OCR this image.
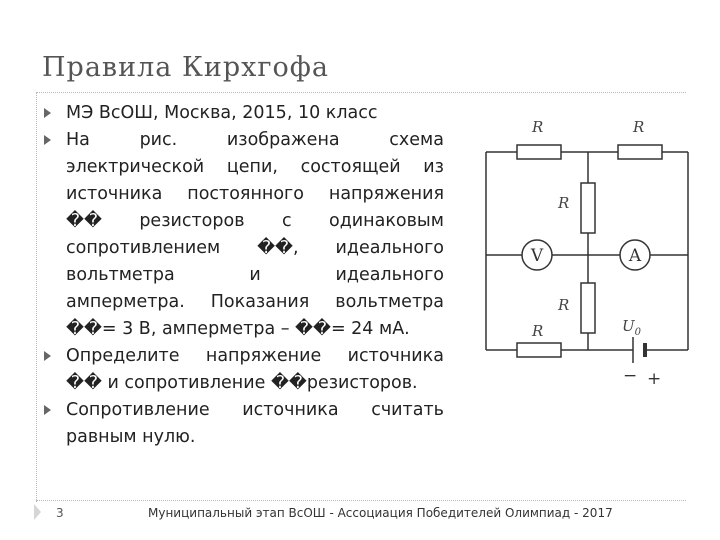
Правила Кирхгофа
МЭ ВсОШ, Москва, 2015, 10 класс
На	рис.	изображена	схема
электрической цепи, состоящей из
источника постоянного напряжения
�� резисторов с одинаковым
сопротивлением ��, идеального
вольтметра	и	идеального
амперметра. Показания вольтметра
��= 3 В, амперметра – ��= 24 мА.
Определите напряжение источника
�� и сопротивление ��резисторов.
Сопротивление источника считать
равным нулю.
R	R
R
R
R
V	A
$U_0$
− +
3	Муниципальный этап ВсОШ - Ассоциация Победителей Олимпиад - 2017
